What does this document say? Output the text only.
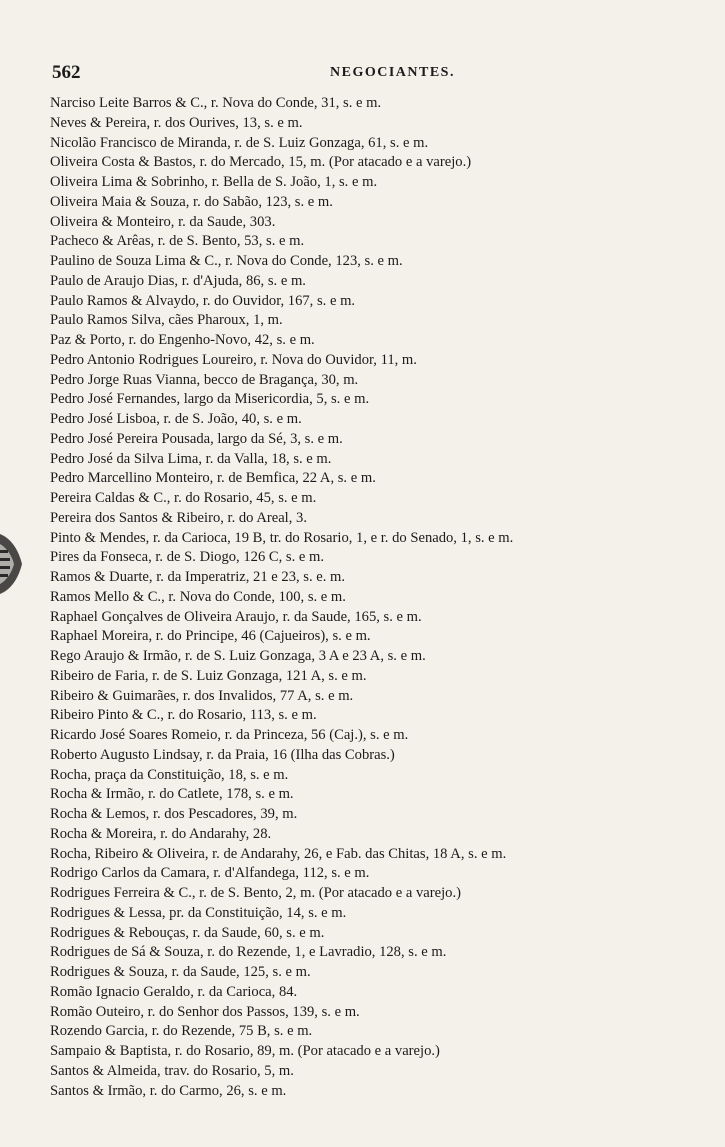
562	NEGOCIANTES.
Narciso Leite Barros & C., r. Nova do Conde, 31, s. e m.
Neves & Pereira, r. dos Ourives, 13, s. e m.
Nicolão Francisco de Miranda, r. de S. Luiz Gonzaga, 61, s. e m.
Oliveira Costa & Bastos, r. do Mercado, 15, m. (Por atacado e a varejo.)
Oliveira Lima & Sobrinho, r. Bella de S. João, 1, s. e m.
Oliveira Maia & Souza, r. do Sabão, 123, s. e m.
Oliveira & Monteiro, r. da Saude, 303.
Pacheco & Arêas, r. de S. Bento, 53, s. e m.
Paulino de Souza Lima & C., r. Nova do Conde, 123, s. e m.
Paulo de Araujo Dias, r. d'Ajuda, 86, s. e m.
Paulo Ramos & Alvaydo, r. do Ouvidor, 167, s. e m.
Paulo Ramos Silva, cães Pharoux, 1, m.
Paz & Porto, r. do Engenho-Novo, 42, s. e m.
Pedro Antonio Rodrigues Loureiro, r. Nova do Ouvidor, 11, m.
Pedro Jorge Ruas Vianna, becco de Bragança, 30, m.
Pedro José Fernandes, largo da Misericordia, 5, s. e m.
Pedro José Lisboa, r. de S. João, 40, s. e m.
Pedro José Pereira Pousada, largo da Sé, 3, s. e m.
Pedro José da Silva Lima, r. da Valla, 18, s. e m.
Pedro Marcellino Monteiro, r. de Bemfica, 22 A, s. e m.
Pereira Caldas & C., r. do Rosario, 45, s. e m.
Pereira dos Santos & Ribeiro, r. do Areal, 3.
Pinto & Mendes, r. da Carioca, 19 B, tr. do Rosario, 1, e r. do Senado, 1, s. e m.
Pires da Fonseca, r. de S. Diogo, 126 C, s. e m.
Ramos & Duarte, r. da Imperatriz, 21 e 23, s. e. m.
Ramos Mello & C., r. Nova do Conde, 100, s. e m.
Raphael Gonçalves de Oliveira Araujo, r. da Saude, 165, s. e m.
Raphael Moreira, r. do Principe, 46 (Cajueiros), s. e m.
Rego Araujo & Irmão, r. de S. Luiz Gonzaga, 3 A e 23 A, s. e m.
Ribeiro de Faria, r. de S. Luiz Gonzaga, 121 A, s. e m.
Ribeiro & Guimarães, r. dos Invalidos, 77 A, s. e m.
Ribeiro Pinto & C., r. do Rosario, 113, s. e m.
Ricardo José Soares Romeio, r. da Princeza, 56 (Caj.), s. e m.
Roberto Augusto Lindsay, r. da Praia, 16 (Ilha das Cobras.)
Rocha, praça da Constituição, 18, s. e m.
Rocha & Irmão, r. do Catlete, 178, s. e m.
Rocha & Lemos, r. dos Pescadores, 39, m.
Rocha & Moreira, r. do Andarahy, 28.
Rocha, Ribeiro & Oliveira, r. de Andarahy, 26, e Fab. das Chitas, 18 A, s. e m.
Rodrigo Carlos da Camara, r. d'Alfandega, 112, s. e m.
Rodrigues Ferreira & C., r. de S. Bento, 2, m. (Por atacado e a varejo.)
Rodrigues & Lessa, pr. da Constituição, 14, s. e m.
Rodrigues & Rebouças, r. da Saude, 60, s. e m.
Rodrigues de Sá & Souza, r. do Rezende, 1, e Lavradio, 128, s. e m.
Rodrigues & Souza, r. da Saude, 125, s. e m.
Romão Ignacio Geraldo, r. da Carioca, 84.
Romão Outeiro, r. do Senhor dos Passos, 139, s. e m.
Rozendo Garcia, r. do Rezende, 75 B, s. e m.
Sampaio & Baptista, r. do Rosario, 89, m. (Por atacado e a varejo.)
Santos & Almeida, trav. do Rosario, 5, m.
Santos & Irmão, r. do Carmo, 26, s. e m.
